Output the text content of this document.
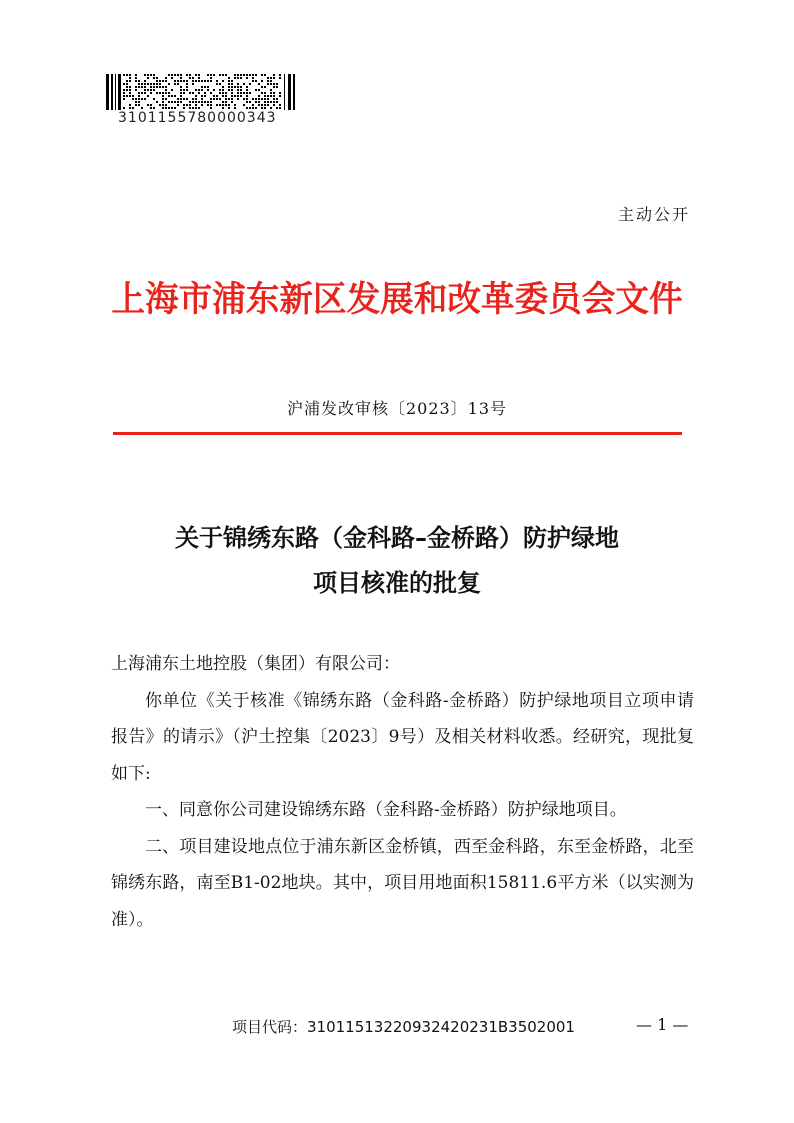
3101155780000343
主动公开
上海市浦东新区发展和改革委员会文件
沪浦发改审核〔2023〕13号
关于锦绣东路（金科路–金桥路）防护绿地
项目核准的批复

上海浦东土地控股（集团）有限公司：

你单位《关于核准《锦绣东路（金科路-金桥路）防护绿地项目立项申请报告》的请示》（沪土控集〔2023〕9号）及相关材料收悉。经研究，现批复如下:

一、同意你公司建设锦绣东路（金科路-金桥路）防护绿地项目。

二、项目建设地点位于浦东新区金桥镇，西至金科路，东至金桥路，北至锦绣东路，南至B1-02地块。其中，项目用地面积15811.6平方米（以实测为准）。

项目代码：31011513220932420231B3502001	— 1 —
